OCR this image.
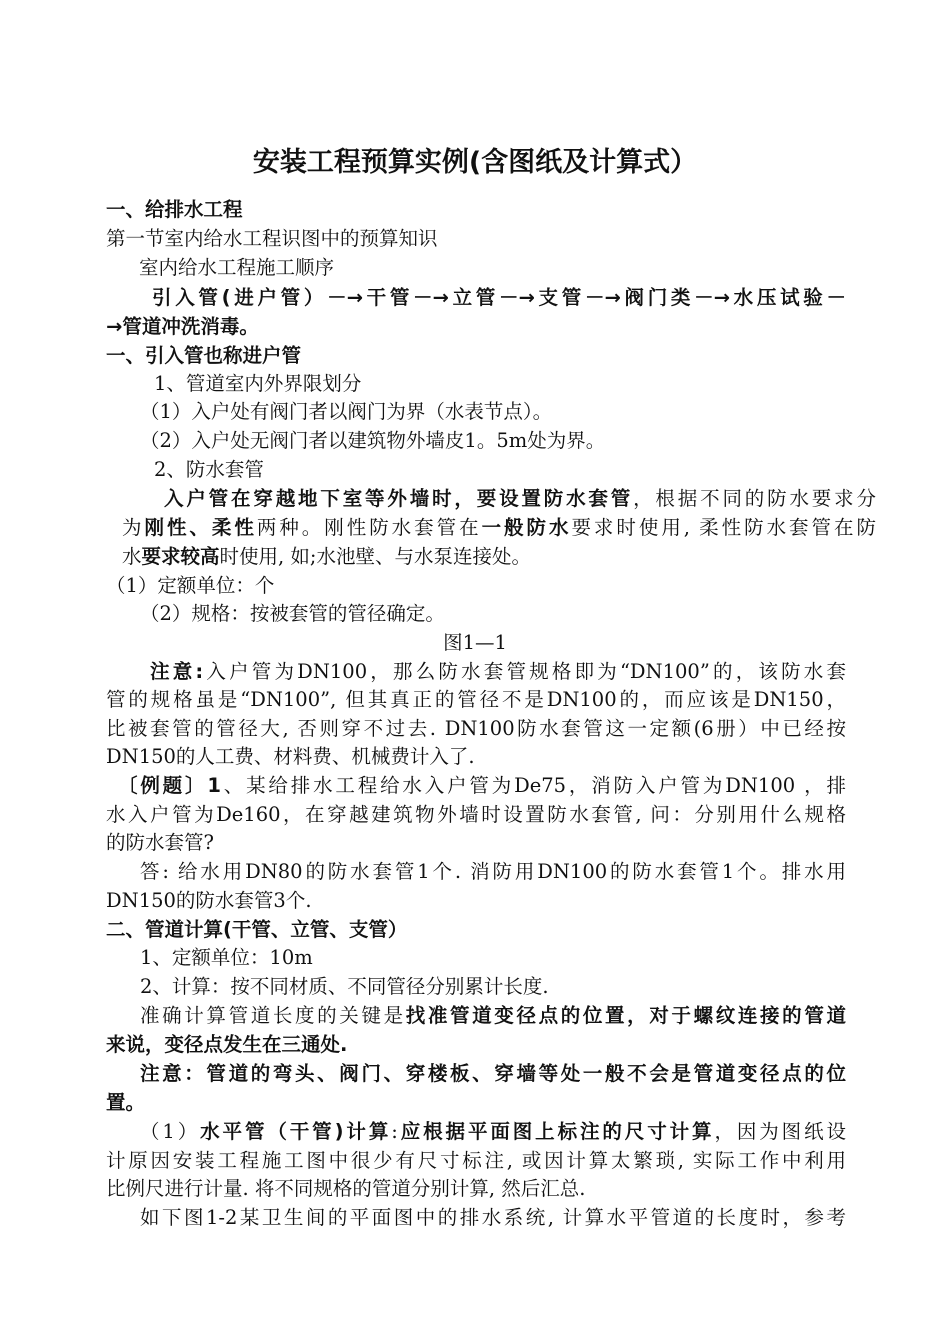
安装工程预算实例(含图纸及计算式）
一、给排水工程
第一节室内给水工程识图中的预算知识
室内给水工程施工顺序
引入管(进户管）－→干管－→立管－→支管－→阀门类－→水压试验－
→管道冲洗消毒。
一、引入管也称进户管
1、管道室内外界限划分
（1）入户处有阀门者以阀门为界（水表节点）。
（2）入户处无阀门者以建筑物外墙皮1。5m处为界。
2、防水套管
入户管在穿越地下室等外墙时，要设置防水套管，根据不同的防水要求分
为刚性、柔性两种。刚性防水套管在一般防水要求时使用, 柔性防水套管在防
水要求较高时使用, 如;水池壁、与水泵连接处。
（1）定额单位：个
（2）规格：按被套管的管径确定。
图1—1
注意:入户管为DN100，那么防水套管规格即为“DN100”的，该防水套
管的规格虽是“DN100”, 但其真正的管径不是DN100的，而应该是DN150，
比被套管的管径大, 否则穿不过去. DN100防水套管这一定额(6册）中已经按
DN150的人工费、材料费、机械费计入了.
〔例题〕1、某给排水工程给水入户管为De75，消防入户管为DN100 ，排
水入户管为De160，在穿越建筑物外墙时设置防水套管, 问：分别用什么规格
的防水套管?
答: 给水用DN80的防水套管1个. 消防用DN100的防水套管1个。排水用
DN150的防水套管3个.
二、管道计算(干管、立管、支管）
1、定额单位：10m
2、计算：按不同材质、不同管径分别累计长度.
准确计算管道长度的关键是找准管道变径点的位置，对于螺纹连接的管道
来说，变径点发生在三通处.
注意：管道的弯头、阀门、穿楼板、穿墙等处一般不会是管道变径点的位
置。
（1）水平管（干管)计算:应根据平面图上标注的尺寸计算，因为图纸设
计原因安装工程施工图中很少有尺寸标注, 或因计算太繁琐, 实际工作中利用
比例尺进行计量. 将不同规格的管道分别计算, 然后汇总.
如下图1-2某卫生间的平面图中的排水系统, 计算水平管道的长度时，参考
